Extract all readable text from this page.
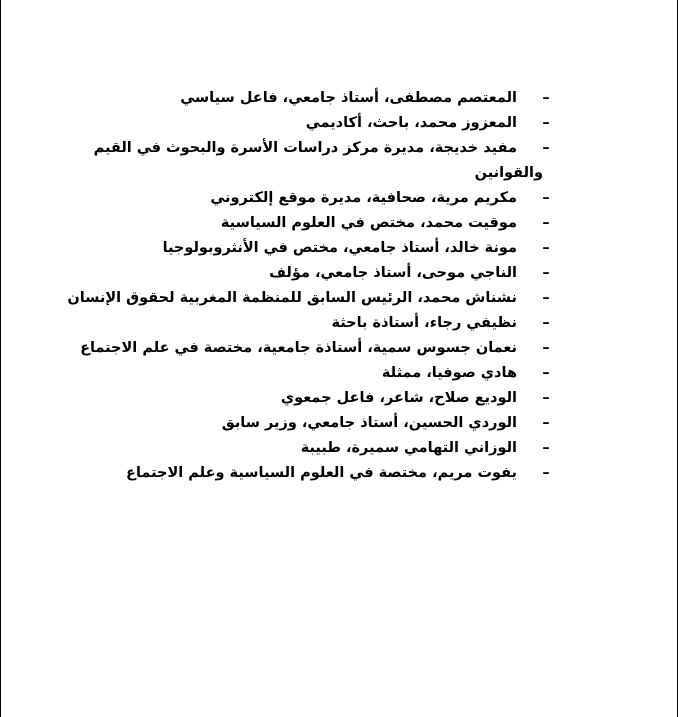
–
المعتصم مصطفى، أستاذ جامعي، فاعل سياسي
–
المعزوز محمد، باحث، أكاديمي
–
مفيد خديجة، مديرة مركز دراسات الأسرة والبحوث في القيم
والقوانين
–
مكريم مرية، صحافية، مديرة موقع إلكتروني
–
موقيت محمد، مختص في العلوم السياسية
–
مونة خالد، أستاذ جامعي، مختص في الأنثروبولوجيا
–
الناجي موحى، أستاذ جامعي، مؤلف
–
نشناش محمد، الرئيس السابق للمنظمة المغربية لحقوق الإنسان
–
نظيفي رجاء، أستاذة باحثة
–
نعمان جسوس سمية، أستاذة جامعية، مختصة في علم الاجتماع
–
هادي صوفيا، ممثلة
–
الوديع صلاح، شاعر، فاعل جمعوي
–
الوردي الحسين، أستاذ جامعي، وزير سابق
–
الوزاني التهامي سميرة، طبيبة
–
يفوت مريم، مختصة في العلوم السياسية وعلم الاجتماع
